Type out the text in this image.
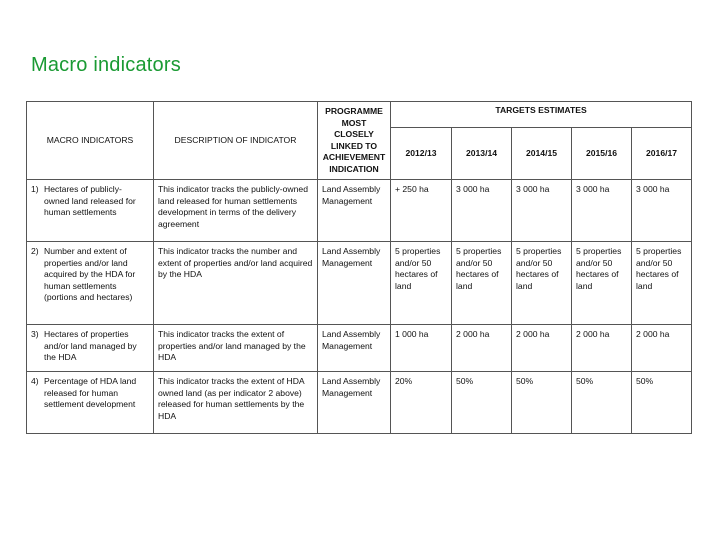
Macro indicators
MACRO INDICATORS	DESCRIPTION OF INDICATOR	PROGRAMME MOST CLOSELY LINKED TO ACHIEVEMENT INDICATION	TARGETS ESTIMATES				
			2012/13	2013/14	2014/15	2015/16	2016/17
1) Hectares of publicly-owned land released for human settlements	This indicator tracks the publicly-owned land released for human settlements development in terms of the delivery agreement	Land Assembly Management	+ 250 ha	3 000 ha	3 000 ha	3 000 ha	3 000 ha
2) Number and extent of properties and/or land acquired by the HDA for human settlements (portions and hectares)	This indicator tracks the number and extent of properties and/or land acquired by the HDA	Land Assembly Management	5 properties and/or 50 hectares of land	5 properties and/or 50 hectares of land	5 properties and/or 50 hectares of land	5 properties and/or 50 hectares of land	5 properties and/or 50 hectares of land
3) Hectares of properties and/or land managed by the HDA	This indicator tracks the extent of properties and/or land managed by the HDA	Land Assembly Management	1 000 ha	2 000 ha	2 000 ha	2 000 ha	2 000 ha
4) Percentage of HDA land released for human settlement development	This indicator tracks the extent of HDA owned land (as per indicator 2 above) released for human settlements by the HDA	Land Assembly Management	20%	50%	50%	50%	50%
